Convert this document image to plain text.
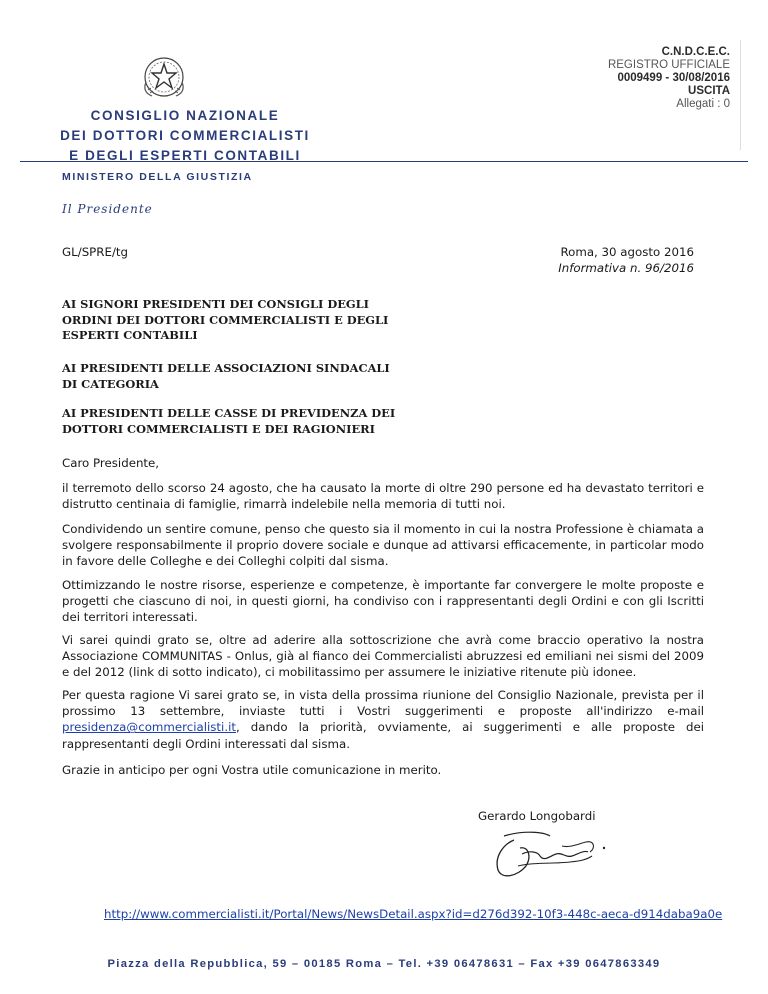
CONSIGLIO NAZIONALE
DEI DOTTORI COMMERCIALISTI
E DEGLI ESPERTI CONTABILI
C.N.D.C.E.C.
REGISTRO UFFICIALE
0009499 - 30/08/2016
USCITA
Allegati : 0
MINISTERO DELLA GIUSTIZIA
Il Presidente
GL/SPRE/tg	Roma, 30 agosto 2016
Informativa n. 96/2016
AI SIGNORI PRESIDENTI DEI CONSIGLI DEGLI ORDINI DEI DOTTORI COMMERCIALISTI E DEGLI ESPERTI CONTABILI
AI PRESIDENTI DELLE ASSOCIAZIONI SINDACALI DI CATEGORIA
AI PRESIDENTI DELLE CASSE DI PREVIDENZA DEI DOTTORI COMMERCIALISTI E DEI RAGIONIERI
Caro Presidente,
il terremoto dello scorso 24 agosto, che ha causato la morte di oltre 290 persone ed ha devastato territori e distrutto centinaia di famiglie, rimarrà indelebile nella memoria di tutti noi.
Condividendo un sentire comune, penso che questo sia il momento in cui la nostra Professione è chiamata a svolgere responsabilmente il proprio dovere sociale e dunque ad attivarsi efficacemente, in particolar modo in favore delle Colleghe e dei Colleghi colpiti dal sisma.
Ottimizzando le nostre risorse, esperienze e competenze, è importante far convergere le molte proposte e progetti che ciascuno di noi, in questi giorni, ha condiviso con i rappresentanti degli Ordini e con gli Iscritti dei territori interessati.
Vi sarei quindi grato se, oltre ad aderire alla sottoscrizione che avrà come braccio operativo la nostra Associazione COMMUNITAS - Onlus, già al fianco dei Commercialisti abruzzesi ed emiliani nei sismi del 2009 e del 2012 (link di sotto indicato), ci mobilitassimo per assumere le iniziative ritenute più idonee.
Per questa ragione Vi sarei grato se, in vista della prossima riunione del Consiglio Nazionale, prevista per il prossimo 13 settembre, inviaste tutti i Vostri suggerimenti e proposte all'indirizzo e-mail presidenza@commercialisti.it, dando la priorità, ovviamente, ai suggerimenti e alle proposte dei rappresentanti degli Ordini interessati dal sisma.
Grazie in anticipo per ogni Vostra utile comunicazione in merito.
Gerardo Longobardi
http://www.commercialisti.it/Portal/News/NewsDetail.aspx?id=d276d392-10f3-448c-aeca-d914daba9a0e
Piazza della Repubblica, 59 – 00185 Roma – Tel. +39 06478631 – Fax +39 0647863349
